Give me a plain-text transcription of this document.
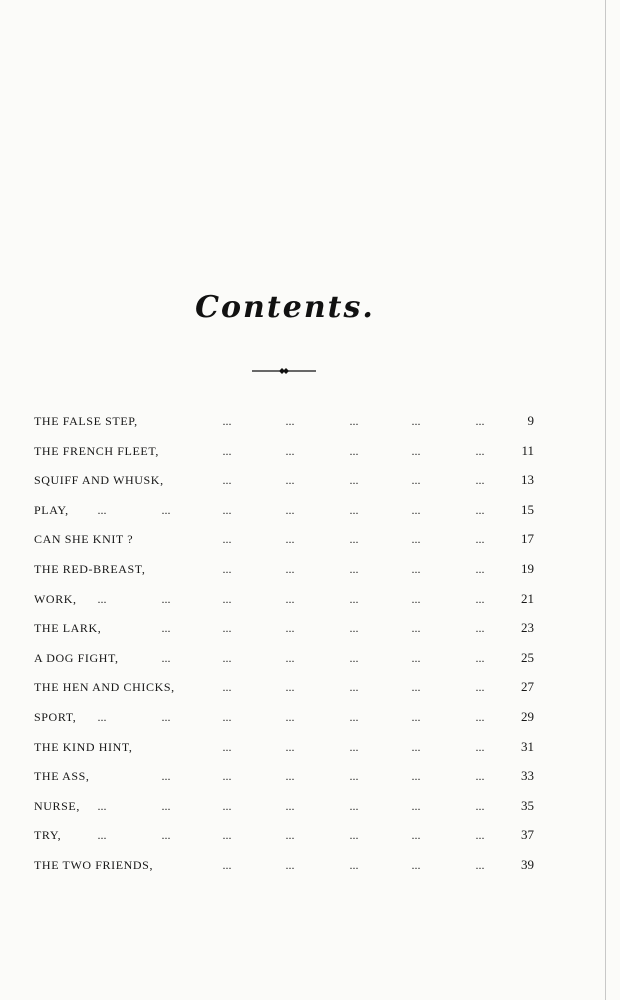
Contents.
THE FALSE STEP,	...	...	...	...	...	9
THE FRENCH FLEET,	...	...	...	...	...	11
SQUIFF AND WHUSK,	...	...	...	...	...	13
PLAY,	...	...	...	...	...	...	...	15
CAN SHE KNIT ?	...	...	...	...	...	17
THE RED-BREAST,	...	...	...	...	...	19
WORK,	...	...	...	...	...	...	...	21
THE LARK,	...	...	...	...	...	...	23
A DOG FIGHT,	...	...	...	...	...	...	25
THE HEN AND CHICKS,	...	...	...	...	...	27
SPORT,	...	...	...	...	...	...	...	29
THE KIND HINT,	...	...	...	...	...	31
THE ASS,	...	...	...	...	...	...	33
NURSE,	...	...	...	...	...	...	...	35
TRY,	...	...	...	...	...	...	...	37
THE TWO FRIENDS,	...	...	...	...	...	39
